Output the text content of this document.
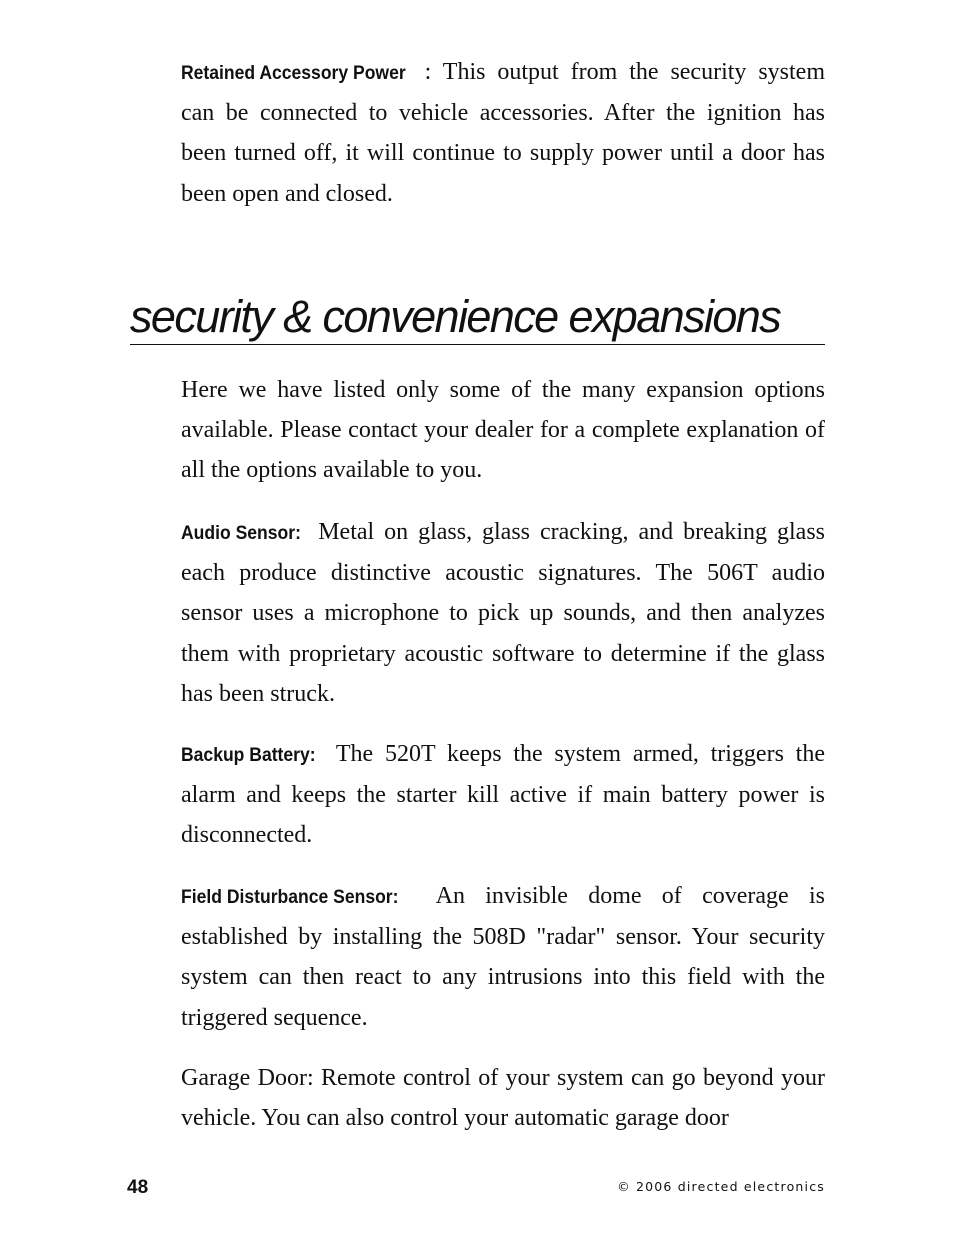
Retained Accessory Power : This output from the security system can be connected to vehicle accessories. After the ignition has been turned off, it will continue to supply power until a door has been open and closed.

security & convenience expansions

Here we have listed only some of the many expansion options available. Please contact your dealer for a complete explanation of all the options available to you.

Audio Sensor: Metal on glass, glass cracking, and breaking glass each produce distinctive acoustic signatures. The 506T audio sensor uses a microphone to pick up sounds, and then analyzes them with proprietary acoustic software to determine if the glass has been struck.

Backup Battery: The 520T keeps the system armed, triggers the alarm and keeps the starter kill active if main battery power is disconnected.

Field Disturbance Sensor: An invisible dome of coverage is established by installing the 508D "radar" sensor. Your security system can then react to any intrusions into this field with the triggered sequence.

Garage Door: Remote control of your system can go beyond your vehicle. You can also control your automatic garage door

48	© 2006 directed electronics
